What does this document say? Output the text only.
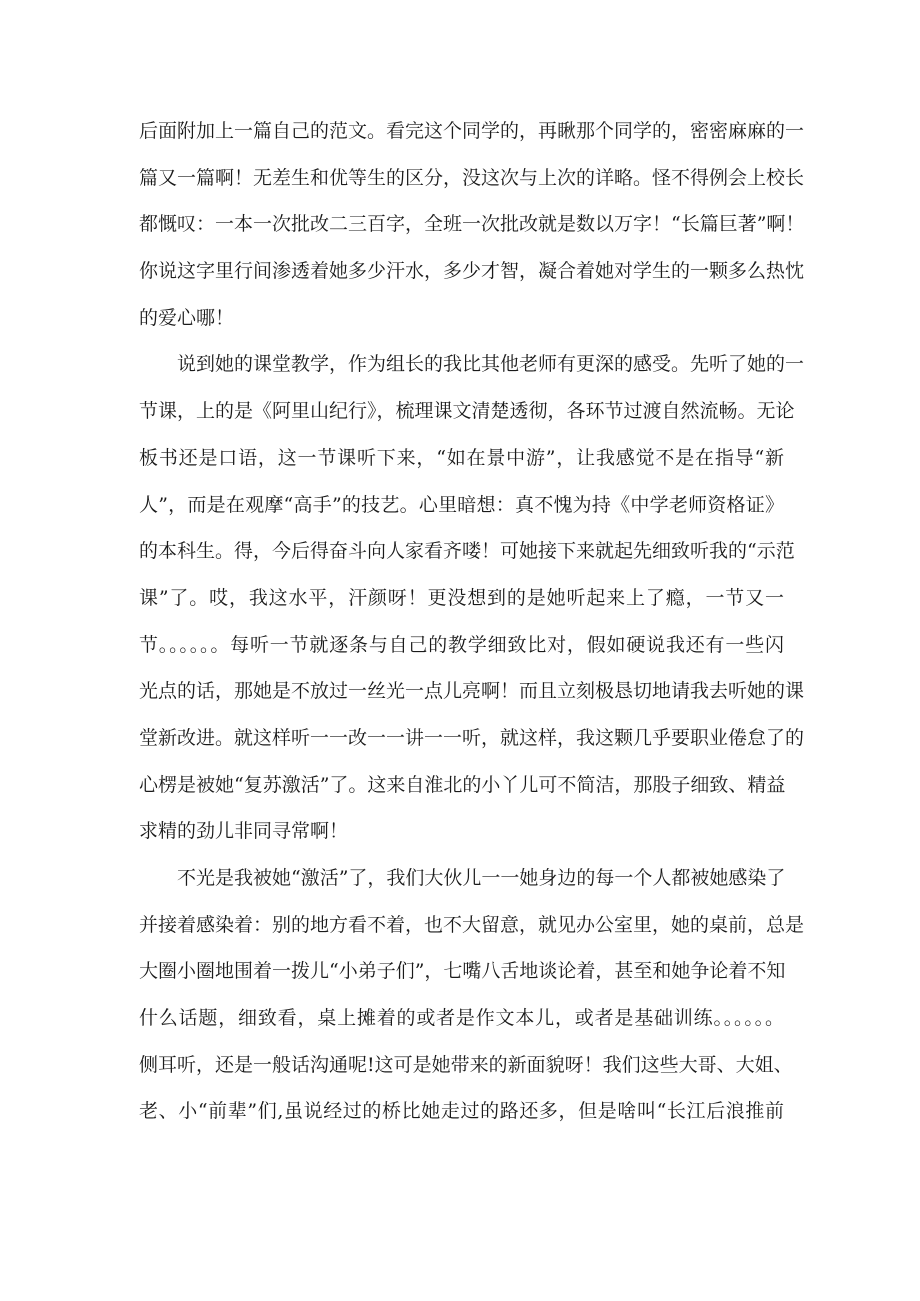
后面附加上一篇自己的范文。看完这个同学的，再瞅那个同学的，密密麻麻的一
篇又一篇啊！无差生和优等生的区分，没这次与上次的详略。怪不得例会上校长
都慨叹：一本一次批改二三百字，全班一次批改就是数以万字！“长篇巨著”啊！
你说这字里行间渗透着她多少汗水，多少才智，凝合着她对学生的一颗多么热忱
的爱心哪！
说到她的课堂教学，作为组长的我比其他老师有更深的感受。先听了她的一
节课，上的是《阿里山纪行》，梳理课文清楚透彻，各环节过渡自然流畅。无论
板书还是口语，这一节课听下来，“如在景中游”，让我感觉不是在指导“新
人”，而是在观摩“高手”的技艺。心里暗想：真不愧为持《中学老师资格证》
的本科生。得，今后得奋斗向人家看齐喽！可她接下来就起先细致听我的“示范
课”了。哎，我这水平，汗颜呀！更没想到的是她听起来上了瘾，一节又一
节。。。。。。每听一节就逐条与自己的教学细致比对，假如硬说我还有一些闪
光点的话，那她是不放过一丝光一点儿亮啊！而且立刻极恳切地请我去听她的课
堂新改进。就这样听一一改一一讲一一听，就这样，我这颗几乎要职业倦怠了的
心楞是被她“复苏激活”了。这来自淮北的小丫儿可不简洁，那股子细致、精益
求精的劲儿非同寻常啊！
不光是我被她“激活”了，我们大伙儿一一她身边的每一个人都被她感染了
并接着感染着：别的地方看不着，也不大留意，就见办公室里，她的桌前，总是
大圈小圈地围着一拨儿“小弟子们”，七嘴八舌地谈论着，甚至和她争论着不知
什么话题，细致看，桌上摊着的或者是作文本儿，或者是基础训练。。。。。。
侧耳听，还是一般话沟通呢!这可是她带来的新面貌呀！我们这些大哥、大姐、
老、小“前辈”们,虽说经过的桥比她走过的路还多，但是啥叫“长江后浪推前
